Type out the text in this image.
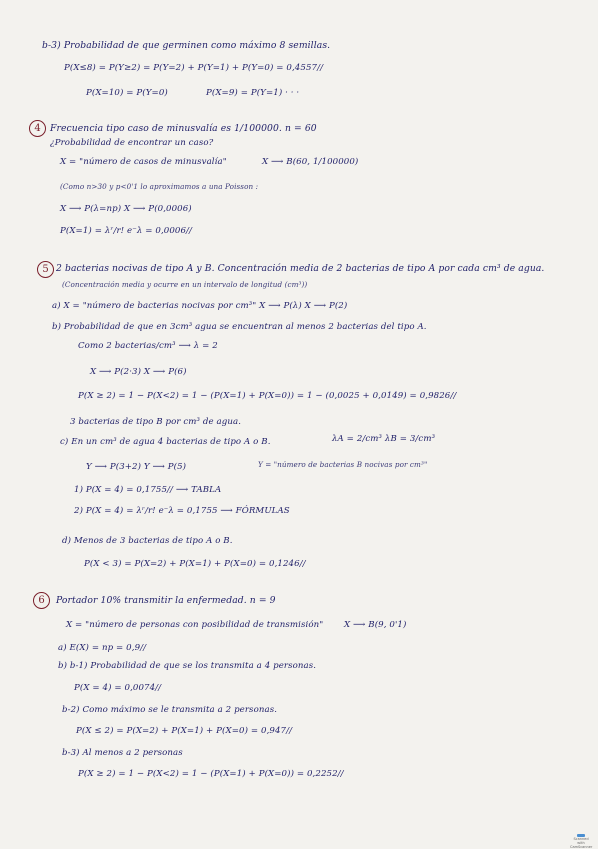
b-3) Probabilidad de que germinen como máximo 8 semillas.
P(X≤8) = P(Y≥2) = P(Y=2) + P(Y=1) + P(Y=0) = 0,4557//
P(X=10) = P(Y=0)	P(X=9) = P(Y=1) · · ·
4	Frecuencia tipo caso de minusvalía es 1/100000. n = 60
¿Probabilidad de encontrar un caso?
X = "número de casos de minusvalía"	X ⟶ B(60, 1/100000)
(Como n>30 y p<0'1 lo aproximamos a una Poisson :
X ⟶ P(λ=np) X ⟶ P(0,0006)
P(X=1) = λʳ/r! e⁻λ = 0,0006//
5 2 bacterias nocivas de tipo A y B. Concentración media de 2 bacterias de tipo A por cada cm³ de agua.
(Concentración media y ocurre en un intervalo de longitud (cm³))
a) X = "número de bacterias nocivas por cm³" X ⟶ P(λ) X ⟶ P(2)
b) Probabilidad de que en 3cm³ agua se encuentran al menos 2 bacterias del tipo A.
Como 2 bacterias/cm³ ⟶ λ = 2
X ⟶ P(2·3) X ⟶ P(6)
P(X ≥ 2) = 1 − P(X<2) = 1 − (P(X=1) + P(X=0)) = 1 − (0,0025 + 0,0149) = 0,9826//
3 bacterias de tipo B por cm³ de agua.
c) En un cm³ de agua 4 bacterias de tipo A o B.	λA = 2/cm³ λB = 3/cm³
Y ⟶ P(3+2) Y ⟶ P(5)	Y = "número de bacterias B nocivas por cm³"
1) P(X = 4) = 0,1755// ⟶ TABLA
2) P(X = 4) = λʳ/r! e⁻λ = 0,1755 ⟶ FÓRMULAS
d) Menos de 3 bacterias de tipo A o B.
P(X < 3) = P(X=2) + P(X=1) + P(X=0) = 0,1246//
6	Portador 10% transmitir la enfermedad. n = 9
X = "número de personas con posibilidad de transmisión" X ⟶ B(9, 0'1)
a) E(X) = np = 0,9//
b) b-1) Probabilidad de que se los transmita a 4 personas.
P(X = 4) = 0,0074//
b-2) Como máximo se le transmita a 2 personas.
P(X ≤ 2) = P(X=2) + P(X=1) + P(X=0) = 0,947//
b-3) Al menos a 2 personas
P(X ≥ 2) = 1 − P(X<2) = 1 − (P(X=1) + P(X=0)) = 0,2252//
Scanned with CamScanner
